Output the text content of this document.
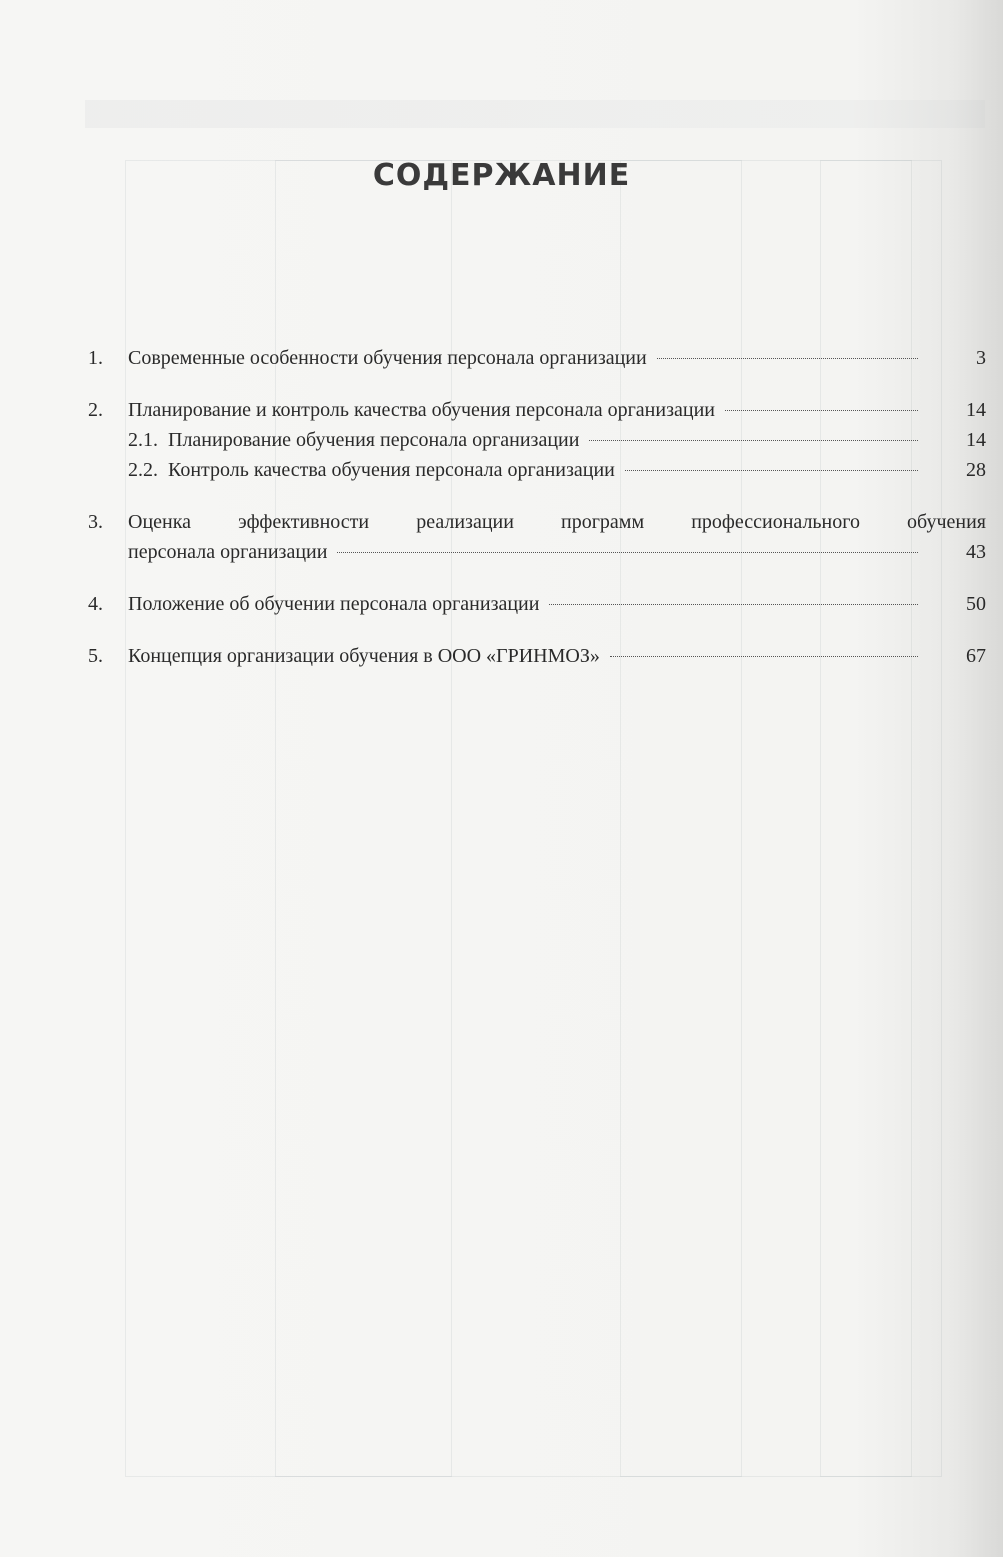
СОДЕРЖАНИЕ
1.	Современные особенности обучения персонала организации	3
2.	Планирование и контроль качества обучения персонала организации	14
2.1. Планирование обучения персонала организации	14
2.2. Контроль качества обучения персонала организации	28
3.	Оценка эффективности реализации программ профессионального обучения
персонала организации	43
4.	Положение об обучении персонала организации	50
5.	Концепция организации обучения в ООО «ГРИНМОЗ»	67
